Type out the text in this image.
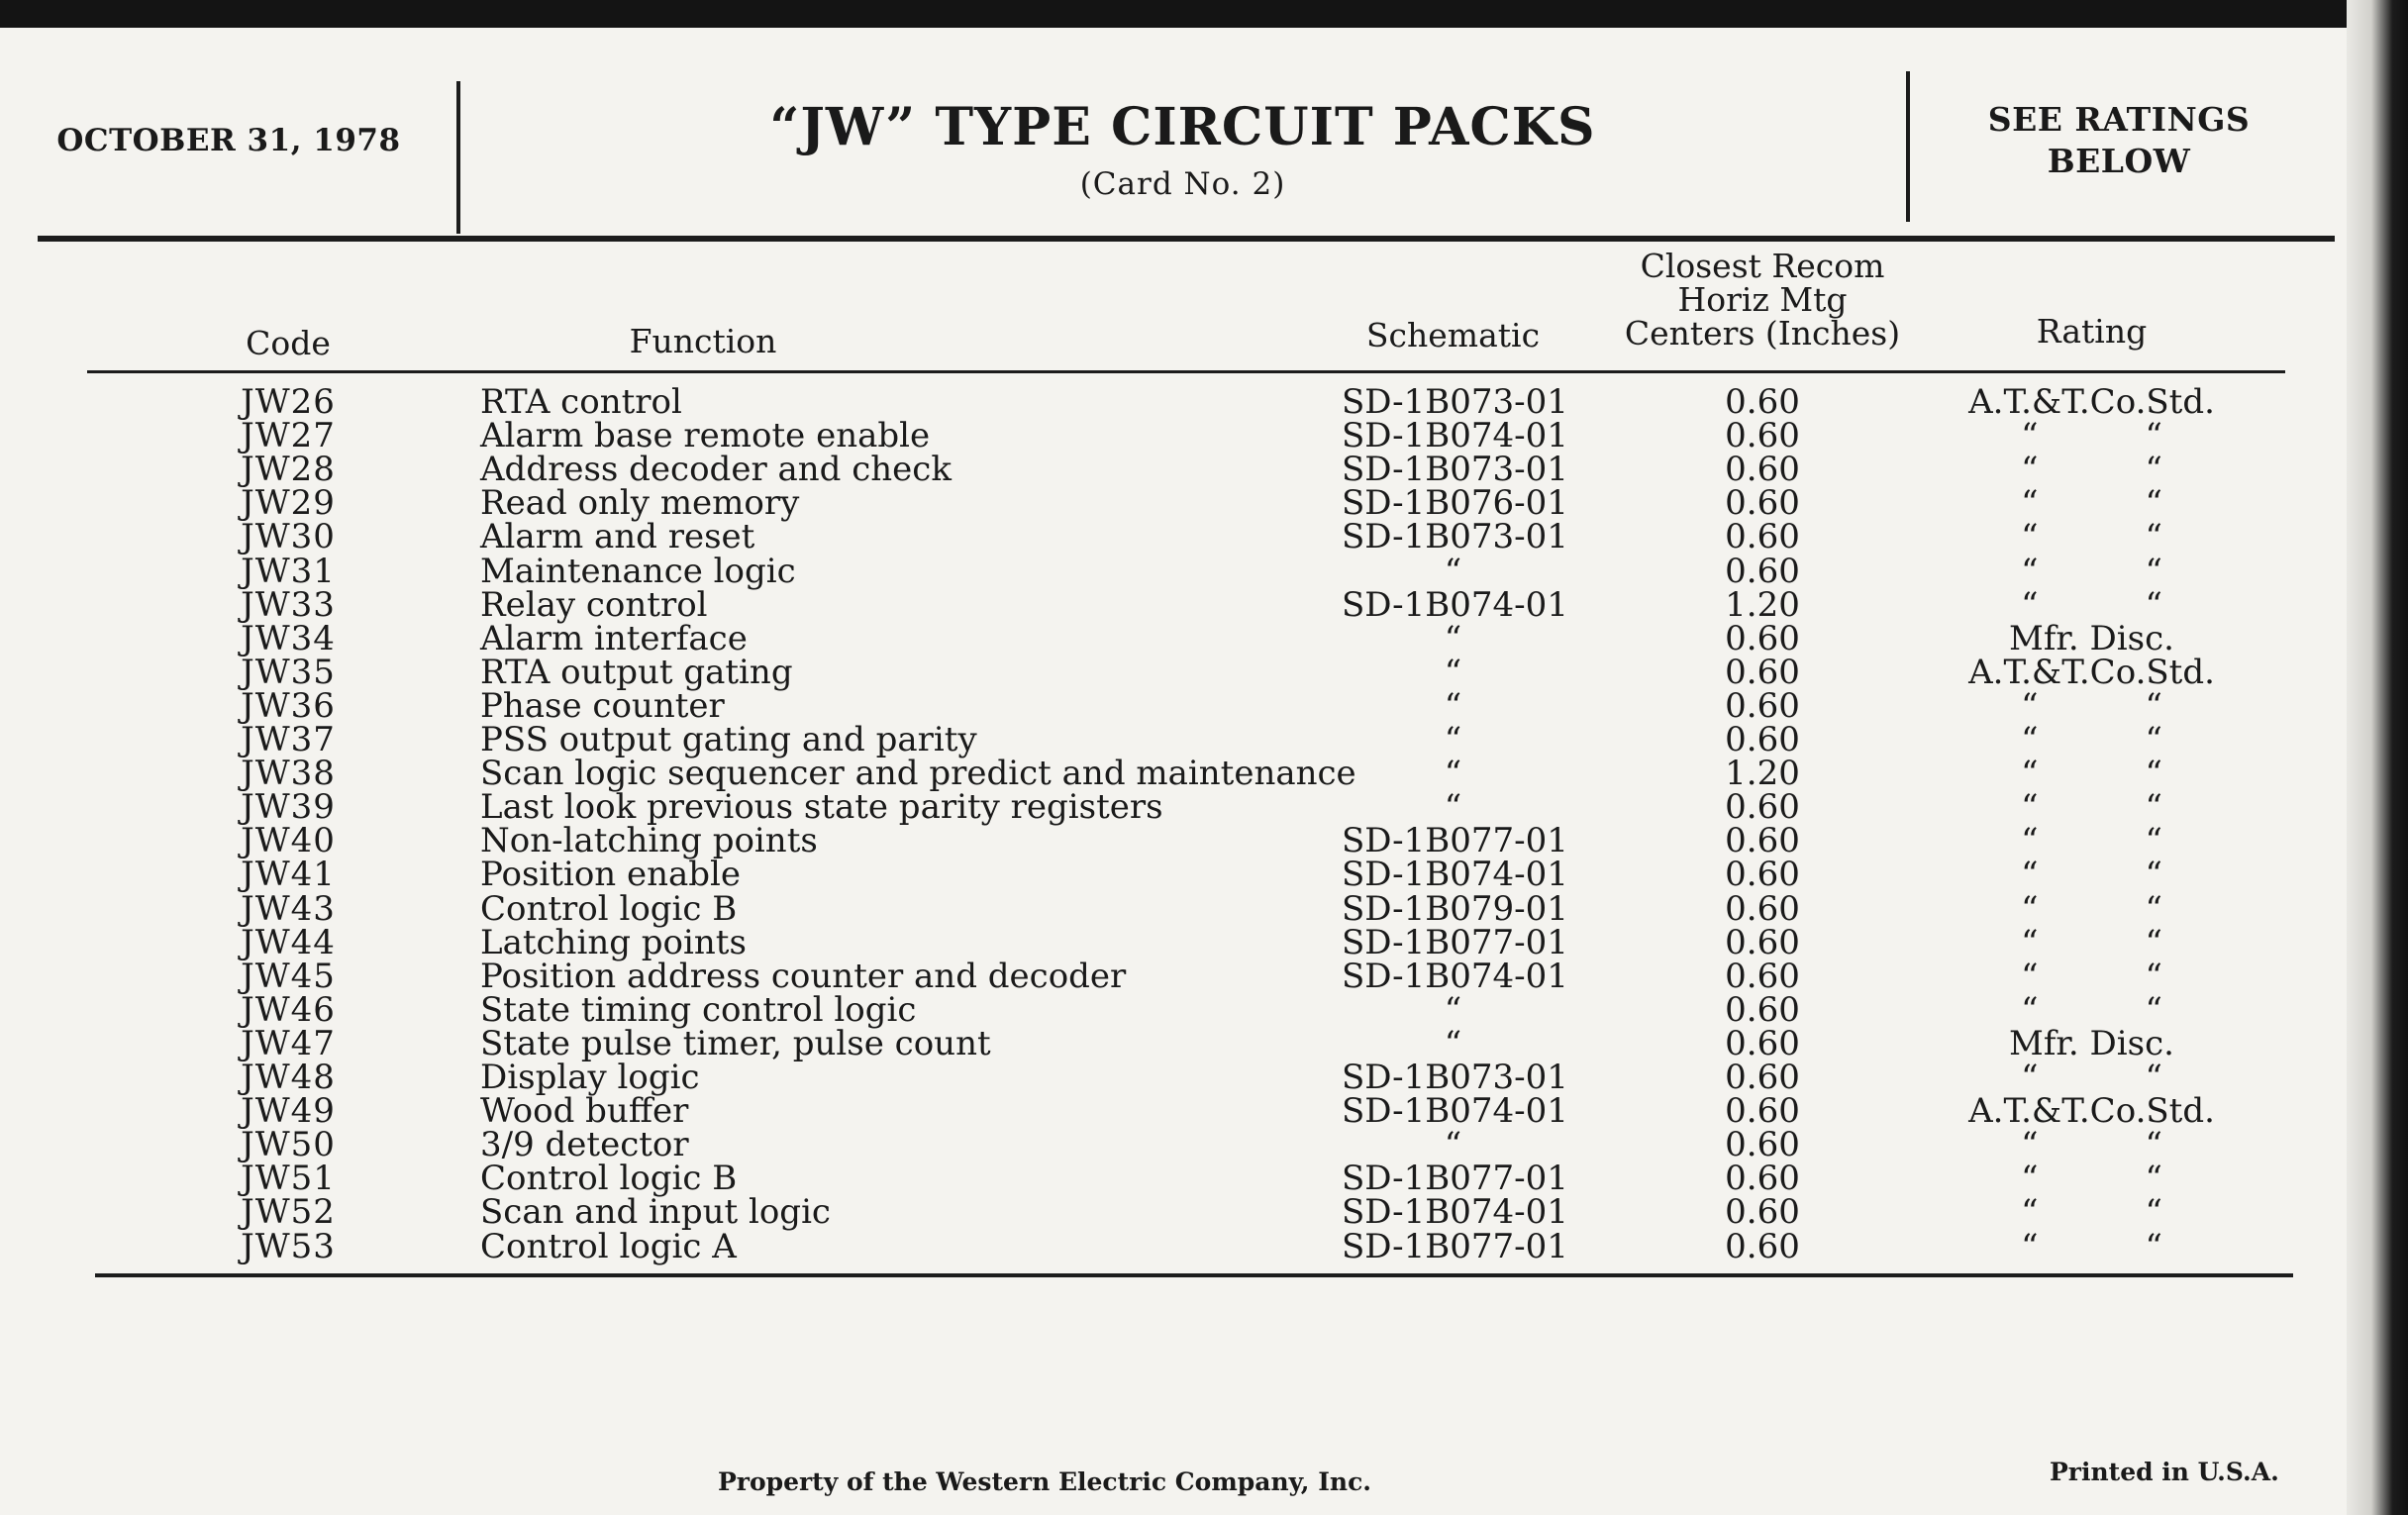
OCTOBER 31, 1978	“JW” TYPE CIRCUIT PACKS
(Card No. 2)
SEE RATINGS
BELOW
Code	Function	Schematic
Closest Recom
Horiz Mtg
Centers (Inches)	Rating
JW26	RTA control	SD-1B073-01	0.60	A.T.&T.Co.Std.
JW27	Alarm base remote enable	SD-1B074-01	0.60	“          “
JW28	Address decoder and check	SD-1B073-01	0.60	“          “
JW29	Read only memory	SD-1B076-01	0.60	“          “
JW30	Alarm and reset	SD-1B073-01	0.60	“          “
JW31	Maintenance logic	“	0.60	“          “
JW33	Relay control	SD-1B074-01	1.20	“          “
JW34	Alarm interface	“	0.60	Mfr. Disc.
JW35	RTA output gating	“	0.60	A.T.&T.Co.Std.
JW36	Phase counter	“	0.60	“          “
JW37	PSS output gating and parity	“	0.60	“          “
JW38	Scan logic sequencer and predict and maintenance	“	1.20	“          “
JW39	Last look previous state parity registers	“	0.60	“          “
JW40	Non-latching points	SD-1B077-01	0.60	“          “
JW41	Position enable	SD-1B074-01	0.60	“          “
JW43	Control logic B	SD-1B079-01	0.60	“          “
JW44	Latching points	SD-1B077-01	0.60	“          “
JW45	Position address counter and decoder	SD-1B074-01	0.60	“          “
JW46	State timing control logic	“	0.60	“          “
JW47	State pulse timer, pulse count	“	0.60	Mfr. Disc.
JW48	Display logic	SD-1B073-01	0.60	“          “
JW49	Wood buffer	SD-1B074-01	0.60	A.T.&T.Co.Std.
JW50	3/9 detector	“	0.60	“          “
JW51	Control logic B	SD-1B077-01	0.60	“          “
JW52	Scan and input logic	SD-1B074-01	0.60	“          “
JW53	Control logic A	SD-1B077-01	0.60	“          “
Property of the Western Electric Company, Inc.	Printed in U.S.A.
